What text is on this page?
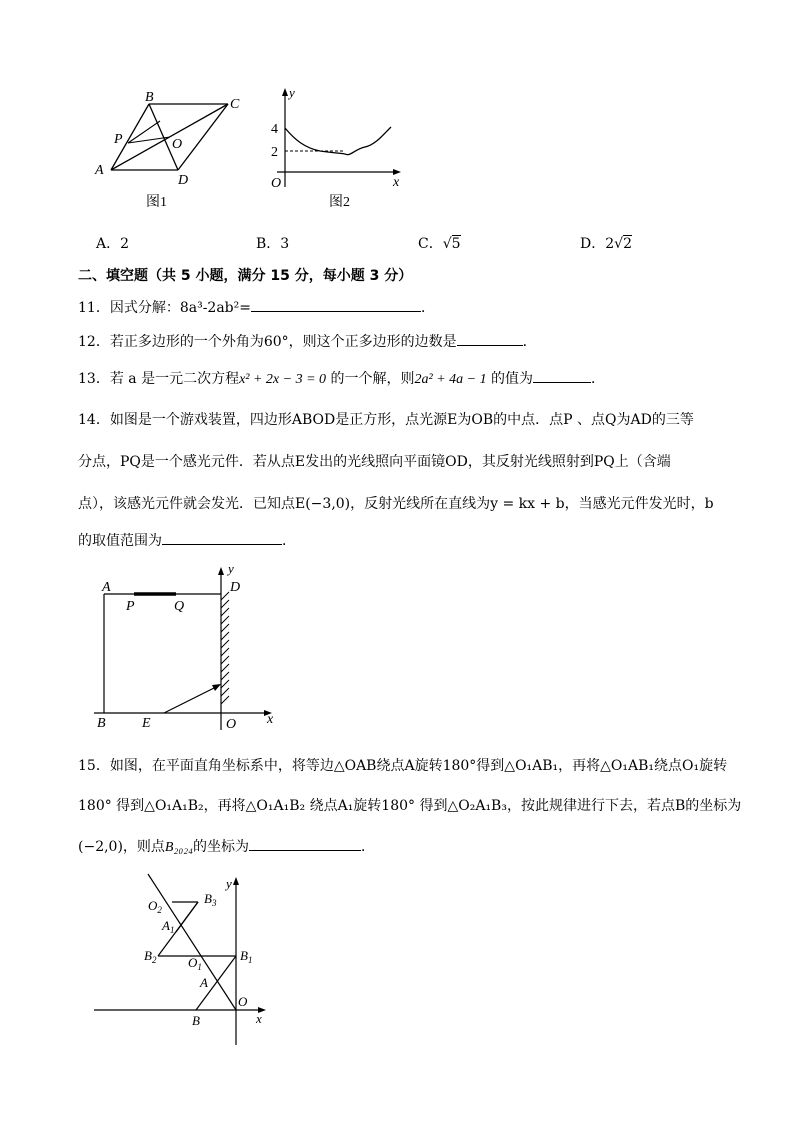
B	C
P	O
A
D
图1
y
4
2
O	x
图2
A．2	B．3	C．√5	D．2√2
二、填空题（共 5 小题，满分 15 分，每小题 3 分）
11．因式分解：8a³-2ab²=	．
12．若正多边形的一个外角为60°，则这个正多边形的边数是	．
13．若 a 是一元二次方程x² + 2x − 3 = 0 的一个解，则2a² + 4a − 1 的值为	．
14．如图是一个游戏装置，四边形ABOD是正方形，点光源E为OB的中点．点P 、点Q为AD的三等
分点，PQ是一个感光元件．若从点E发出的光线照向平面镜OD，其反射光线照射到PQ上（含端
点），该感光元件就会发光．已知点E(−3,0)，反射光线所在直线为y = kx + b，当感光元件发光时，b
的取值范围为	．
A
P	Q
D
y
B	E	O x
15．如图，在平面直角坐标系中，将等边△OAB绕点A旋转180°得到△O₁AB₁，再将△O₁AB₁绕点O₁旋转
180° 得到△O₁A₁B₂，再将△O₁A₁B₂ 绕点A₁旋转180° 得到△O₂A₁B₃，按此规律进行下去，若点B的坐标为
(−2,0)，则点B₂₀₂₄的坐标为	．
y
$O_2$
$B_3$
$A_1$
$B_2$ $O_1$
$B_1$
A
O
B	x
